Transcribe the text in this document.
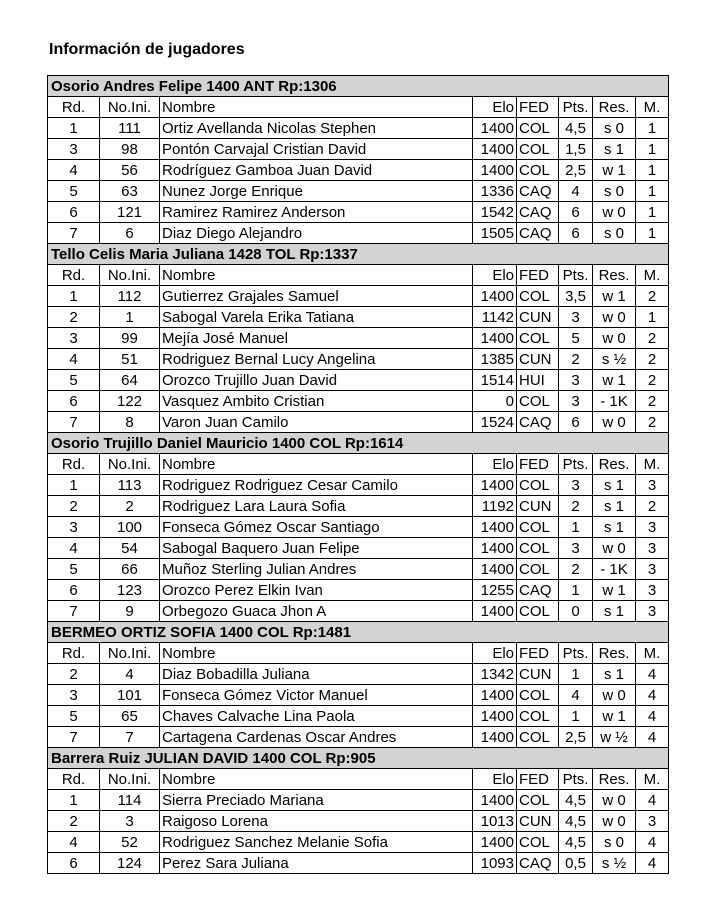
Información de jugadores
Osorio Andres Felipe 1400 ANT Rp:1306							
Rd.	No.Ini.	Nombre	Elo	FED	Pts.	Res.	M.
1	111	Ortiz Avellanda Nicolas Stephen	1400	COL	4,5	s 0	1
3	98	Pontón Carvajal Cristian David	1400	COL	1,5	s 1	1
4	56	Rodríguez Gamboa Juan David	1400	COL	2,5	w 1	1
5	63	Nunez Jorge Enrique	1336	CAQ	4	s 0	1
6	121	Ramirez Ramirez Anderson	1542	CAQ	6	w 0	1
7	6	Diaz Diego Alejandro	1505	CAQ	6	s 0	1
Tello Celis Maria Juliana 1428 TOL Rp:1337							
Rd.	No.Ini.	Nombre	Elo	FED	Pts.	Res.	M.
1	112	Gutierrez Grajales Samuel	1400	COL	3,5	w 1	2
2	1	Sabogal Varela Erika Tatiana	1142	CUN	3	w 0	1
3	99	Mejía José Manuel	1400	COL	5	w 0	2
4	51	Rodriguez Bernal Lucy Angelina	1385	CUN	2	s ½	2
5	64	Orozco Trujillo Juan David	1514	HUI	3	w 1	2
6	122	Vasquez Ambito Cristian	0	COL	3	- 1K	2
7	8	Varon Juan Camilo	1524	CAQ	6	w 0	2
Osorio Trujillo Daniel Mauricio 1400 COL Rp:1614							
Rd.	No.Ini.	Nombre	Elo	FED	Pts.	Res.	M.
1	113	Rodriguez Rodriguez Cesar Camilo	1400	COL	3	s 1	3
2	2	Rodriguez Lara Laura Sofia	1192	CUN	2	s 1	2
3	100	Fonseca Gómez Oscar Santiago	1400	COL	1	s 1	3
4	54	Sabogal Baquero Juan Felipe	1400	COL	3	w 0	3
5	66	Muñoz Sterling Julian Andres	1400	COL	2	- 1K	3
6	123	Orozco Perez Elkin Ivan	1255	CAQ	1	w 1	3
7	9	Orbegozo Guaca Jhon A	1400	COL	0	s 1	3
BERMEO ORTIZ SOFIA 1400 COL Rp:1481							
Rd.	No.Ini.	Nombre	Elo	FED	Pts.	Res.	M.
2	4	Diaz Bobadilla Juliana	1342	CUN	1	s 1	4
3	101	Fonseca Gómez Victor Manuel	1400	COL	4	w 0	4
5	65	Chaves Calvache Lina Paola	1400	COL	1	w 1	4
7	7	Cartagena Cardenas Oscar Andres	1400	COL	2,5	w ½	4
Barrera Ruiz JULIAN DAVID 1400 COL Rp:905							
Rd.	No.Ini.	Nombre	Elo	FED	Pts.	Res.	M.
1	114	Sierra Preciado Mariana	1400	COL	4,5	w 0	4
2	3	Raigoso Lorena	1013	CUN	4,5	w 0	3
4	52	Rodriguez Sanchez Melanie Sofia	1400	COL	4,5	s 0	4
6	124	Perez Sara Juliana	1093	CAQ	0,5	s ½	4
